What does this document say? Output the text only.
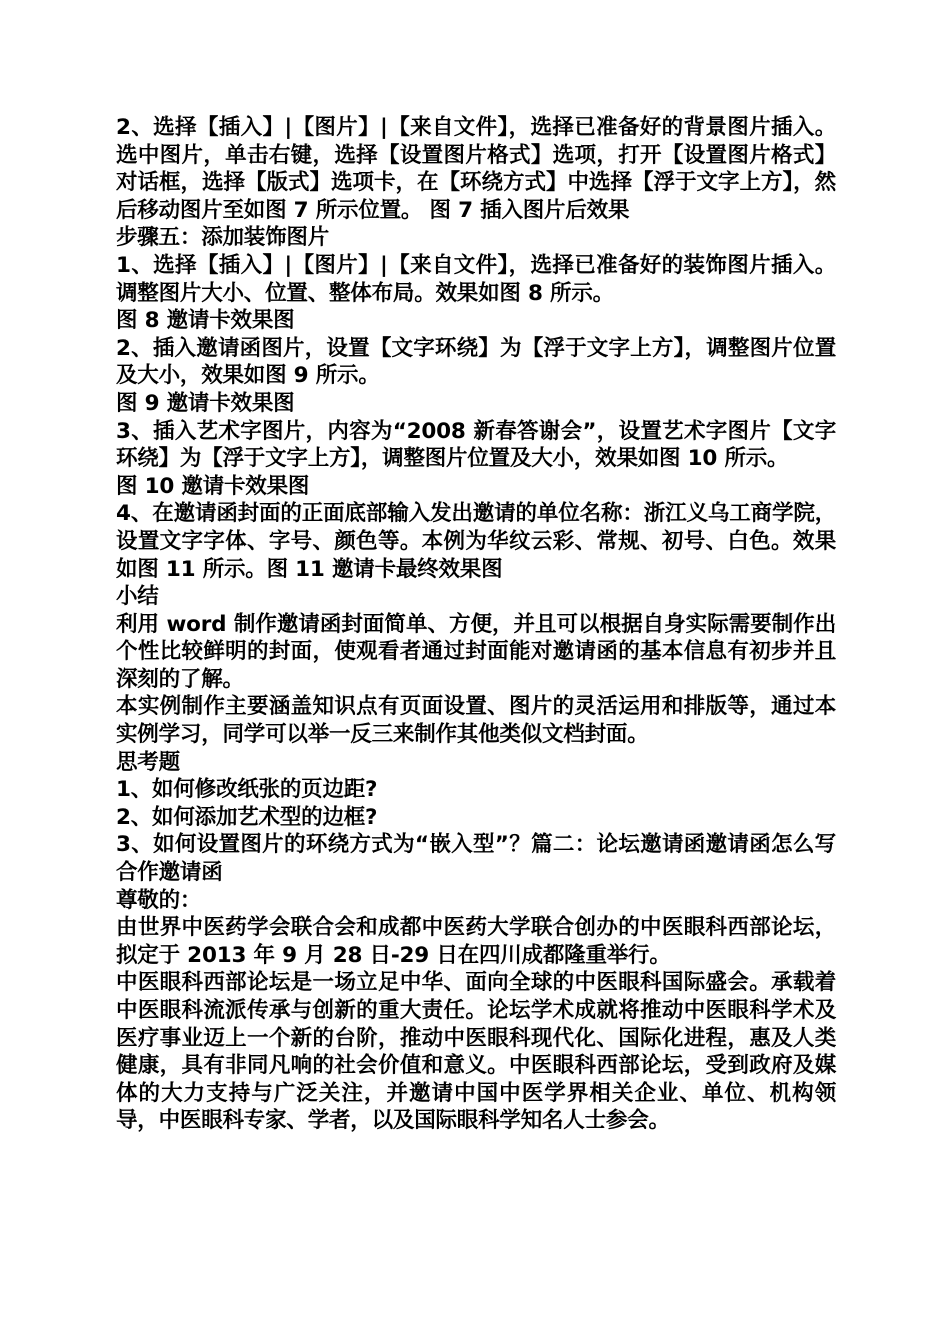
2、选择【插入】|【图片】|【来自文件】，选择已准备好的背景图片插入。选中图片，单击右键，选择【设置图片格式】选项，打开【设置图片格式】对话框，选择【版式】选项卡，在【环绕方式】中选择【浮于文字上方】，然后移动图片至如图 7 所示位置。 图 7 插入图片后效果

步骤五：添加装饰图片

1、选择【插入】|【图片】|【来自文件】，选择已准备好的装饰图片插入。调整图片大小、位置、整体布局。效果如图 8 所示。

图 8 邀请卡效果图

2、插入邀请函图片，设置【文字环绕】为【浮于文字上方】，调整图片位置及大小，效果如图 9 所示。

图 9 邀请卡效果图

3、插入艺术字图片，内容为“2008 新春答谢会”，设置艺术字图片【文字环绕】为【浮于文字上方】，调整图片位置及大小，效果如图 10 所示。

图 10 邀请卡效果图

4、在邀请函封面的正面底部输入发出邀请的单位名称：浙江义乌工商学院，设置文字字体、字号、颜色等。本例为华纹云彩、常规、初号、白色。效果如图 11 所示。图 11 邀请卡最终效果图

小结

利用 word 制作邀请函封面简单、方便，并且可以根据自身实际需要制作出个性比较鲜明的封面，使观看者通过封面能对邀请函的基本信息有初步并且深刻的了解。

本实例制作主要涵盖知识点有页面设置、图片的灵活运用和排版等，通过本实例学习，同学可以举一反三来制作其他类似文档封面。

思考题

1、如何修改纸张的页边距?

2、如何添加艺术型的边框?

3、如何设置图片的环绕方式为“嵌入型”？篇二：论坛邀请函邀请函怎么写合作邀请函

尊敬的：

由世界中医药学会联合会和成都中医药大学联合创办的中医眼科西部论坛，拟定于 2013 年 9 月 28 日-29 日在四川成都隆重举行。

中医眼科西部论坛是一场立足中华、面向全球的中医眼科国际盛会。承载着中医眼科流派传承与创新的重大责任。论坛学术成就将推动中医眼科学术及医疗事业迈上一个新的台阶，推动中医眼科现代化、国际化进程，惠及人类健康，具有非同凡响的社会价值和意义。中医眼科西部论坛，受到政府及媒体的大力支持与广泛关注，并邀请中国中医学界相关企业、单位、机构领导，中医眼科专家、学者，以及国际眼科学知名人士参会。
